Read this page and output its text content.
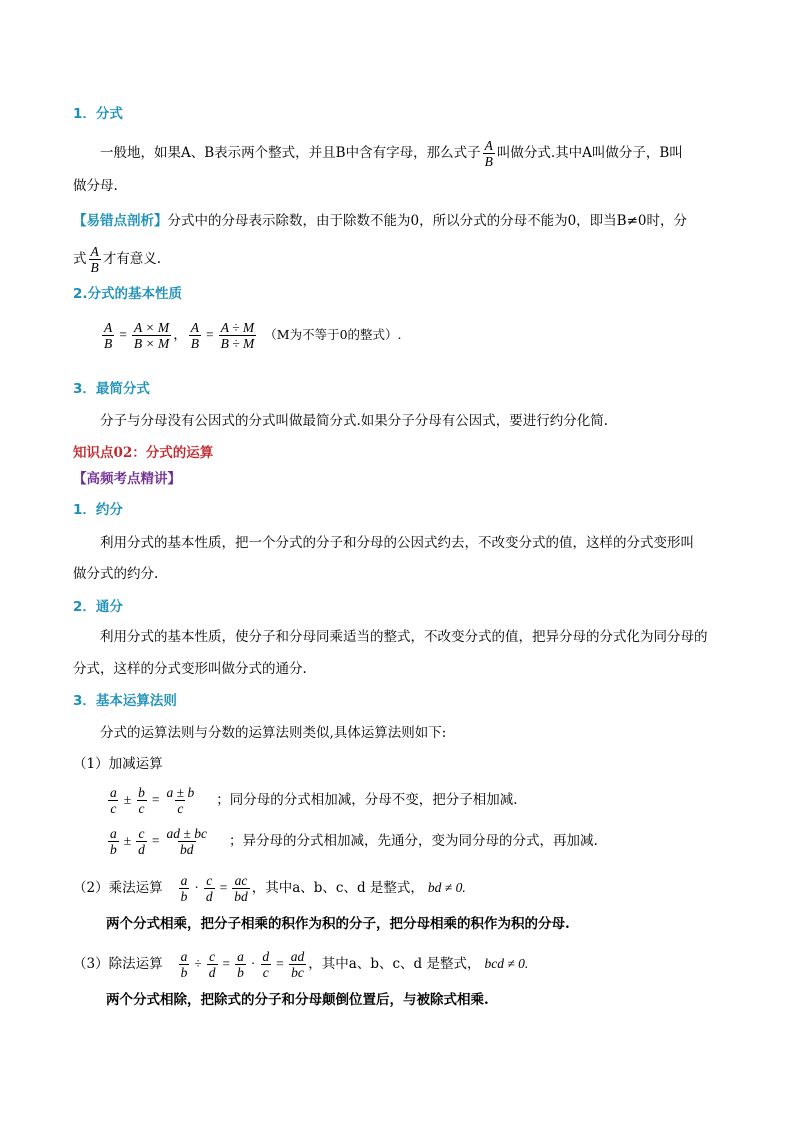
1．分式
一般地，如果A、B表示两个整式，并且B中含有字母，那么式子 $\frac{A}{B}$ 叫做分式.其中A叫做分子，B叫
做分母.
【易错点剖析】分式中的分母表示除数，由于除数不能为0，所以分式的分母不能为0，即当B≠0时，分
式 $\frac{A}{B}$ 才有意义.
2.分式的基本性质
$\frac{A}{B} = \frac{A \times M}{B \times M}$ ， $\frac{A}{B} = \frac{A \div M}{B \div M} (M$为不等于0的整式）.
3．最简分式
分子与分母没有公因式的分式叫做最简分式.如果分子分母有公因式，要进行约分化简.
知识点02：分式的运算
【高频考点精讲】
1．约分
利用分式的基本性质，把一个分式的分子和分母的公因式约去，不改变分式的值，这样的分式变形叫
做分式的约分.
2．通分
利用分式的基本性质，使分子和分母同乘适当的整式，不改变分式的值，把异分母的分式化为同分母的
分式，这样的分式变形叫做分式的通分.
3．基本运算法则
分式的运算法则与分数的运算法则类似,具体运算法则如下:
（1）加减运算
$\frac{a}{c} \pm \frac{b}{c} = \frac{a \pm b}{c}$ ；同分母的分式相加减，分母不变，把分子相加减.
$\frac{a}{b} \pm \frac{c}{d} = \frac{ad \pm bc}{bd}$ ；异分母的分式相加减，先通分，变为同分母的分式，再加减.
（2）乘法运算 $\frac{a}{b} \cdot \frac{c}{d} = \frac{ac}{bd}$ ，其中a、b、c、d 是整式， bd ≠ 0.
两个分式相乘，把分子相乘的积作为积的分子，把分母相乘的积作为积的分母.
（3）除法运算 $\frac{a}{b} \div \frac{c}{d} = \frac{a}{b} \cdot \frac{d}{c} = \frac{ad}{bc}$ ，其中a、b、c、d 是整式， bcd ≠ 0.
两个分式相除，把除式的分子和分母颠倒位置后，与被除式相乘.
